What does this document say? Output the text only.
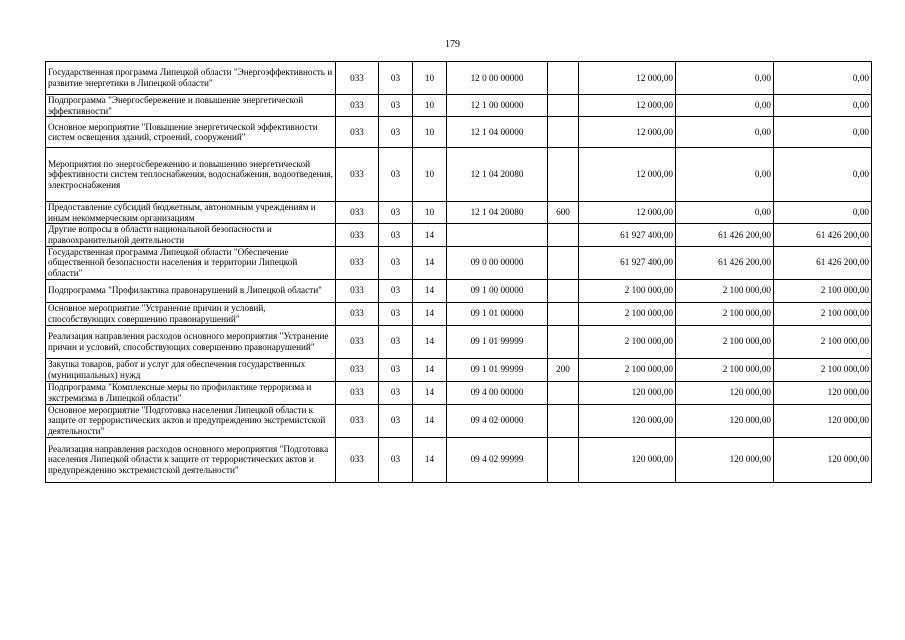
179
Государственная программа Липецкой области "Энергоэффективность и развитие энергетики в Липецкой области"	033	03	10	12 0 00 00000		12 000,00	0,00	0,00
Подпрограмма "Энергосбережение и повышение энергетической эффективности"	033	03	10	12 1 00 00000		12 000,00	0,00	0,00
Основное мероприятие "Повышение энергетической эффективности систем освещения зданий, строений, сооружений"	033	03	10	12 1 04 00000		12 000,00	0,00	0,00
Мероприятия по энергосбережению и повышению энергетической эффективности систем теплоснабжения, водоснабжения, водоотведения, электроснабжения	033	03	10	12 1 04 20080		12 000,00	0,00	0,00
Предоставление субсидий бюджетным, автономным учреждениям и иным некоммерческим организациям	033	03	10	12 1 04 20080	600	12 000,00	0,00	0,00
Другие вопросы в области национальной безопасности и правоохранительной деятельности	033	03	14			61 927 400,00	61 426 200,00	61 426 200,00
Государственная программа Липецкой области "Обеспечение общественной безопасности населения и территории Липецкой области"	033	03	14	09 0 00 00000		61 927 400,00	61 426 200,00	61 426 200,00
Подпрограмма "Профилактика правонарушений в Липецкой области"	033	03	14	09 1 00 00000		2 100 000,00	2 100 000,00	2 100 000,00
Основное мероприятие "Устранение причин и условий, способствующих совершению правонарушений"	033	03	14	09 1 01 00000		2 100 000,00	2 100 000,00	2 100 000,00
Реализация направления расходов основного мероприятия "Устранение причин и условий, способствующих совершению правонарушений"	033	03	14	09 1 01 99999		2 100 000,00	2 100 000,00	2 100 000,00
Закупка товаров, работ и услуг для обеспечения государственных (муниципальных) нужд	033	03	14	09 1 01 99999	200	2 100 000,00	2 100 000,00	2 100 000,00
Подпрограмма "Комплексные меры по профилактике терроризма и экстремизма в Липецкой области"	033	03	14	09 4 00 00000		120 000,00	120 000,00	120 000,00
Основное мероприятие "Подготовка населения Липецкой области к защите от террористических актов и предупреждению экстремистской деятельности"	033	03	14	09 4 02 00000		120 000,00	120 000,00	120 000,00
Реализация направления расходов основного мероприятия "Подготовка населения Липецкой области к защите от террористических актов и предупреждению экстремистской деятельности"	033	03	14	09 4 02 99999		120 000,00	120 000,00	120 000,00
